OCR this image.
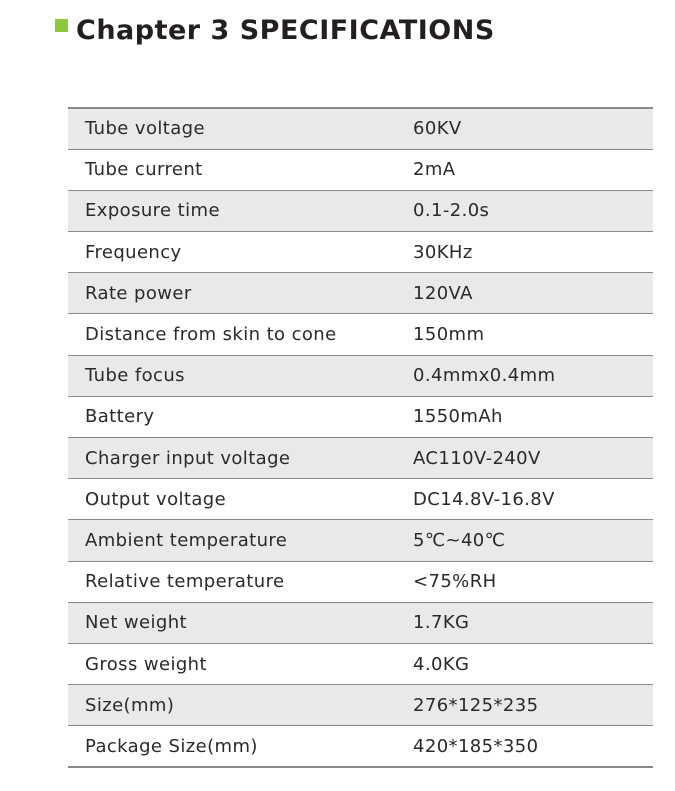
Chapter 3 SPECIFICATIONS
Tube voltage	60KV
Tube current	2mA
Exposure time	0.1-2.0s
Frequency	30KHz
Rate power	120VA
Distance from skin to cone	150mm
Tube focus	0.4mmx0.4mm
Battery	1550mAh
Charger input voltage	AC110V-240V
Output voltage	DC14.8V-16.8V
Ambient temperature	5℃~40℃
Relative temperature	<75%RH
Net weight	1.7KG
Gross weight	4.0KG
Size(mm)	276*125*235
Package Size(mm)	420*185*350
